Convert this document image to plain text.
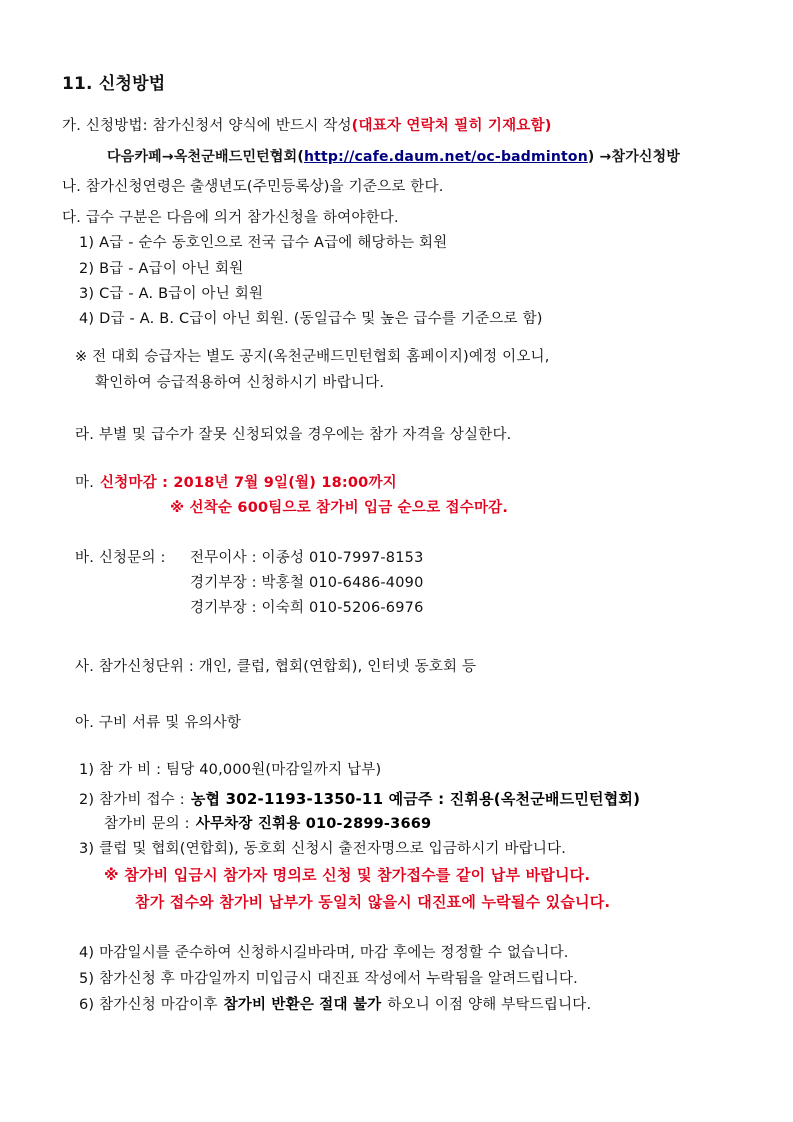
11. 신청방법
가. 신청방법: 참가신청서 양식에 반드시 작성(대표자 연락처 필히 기재요함)
다음카페→옥천군배드민턴협회(http://cafe.daum.net/oc-badminton) →참가신청방
나. 참가신청연령은 출생년도(주민등록상)을 기준으로 한다.
다. 급수 구분은 다음에 의거 참가신청을 하여야한다.
1) A급 - 순수 동호인으로 전국 급수 A급에 해당하는 회원
2) B급 - A급이 아닌 회원
3) C급 - A. B급이 아닌 회원
4) D급 - A. B. C급이 아닌 회원. (동일급수 및 높은 급수를 기준으로 함)
※ 전 대회 승급자는 별도 공지(옥천군배드민턴협회 홈페이지)예정 이오니,
확인하여 승급적용하여 신청하시기 바랍니다.
라. 부별 및 급수가 잘못 신청되었을 경우에는 참가 자격을 상실한다.
마. 신청마감 : 2018년 7월 9일(월) 18:00까지
※ 선착순 600팀으로 참가비 입금 순으로 접수마감.
바. 신청문의 : 전무이사 : 이종성 010-7997-8153
경기부장 : 박홍철 010-6486-4090
경기부장 : 이숙희 010-5206-6976
사. 참가신청단위 : 개인, 클럽, 협회(연합회), 인터넷 동호회 등
아. 구비 서류 및 유의사항
1) 참 가 비 : 팀당 40,000원(마감일까지 납부)
2) 참가비 접수 : 농협 302-1193-1350-11 예금주 : 진휘용(옥천군배드민턴협회)
참가비 문의 : 사무차장 진휘용 010-2899-3669
3) 클럽 및 협회(연합회), 동호회 신청시 출전자명으로 입금하시기 바랍니다.
※ 참가비 입금시 참가자 명의로 신청 및 참가접수를 같이 납부 바랍니다.
참가 접수와 참가비 납부가 동일치 않을시 대진표에 누락될수 있습니다.
4) 마감일시를 준수하여 신청하시길바라며, 마감 후에는 정정할 수 없습니다.
5) 참가신청 후 마감일까지 미입금시 대진표 작성에서 누락됨을 알려드립니다.
6) 참가신청 마감이후 참가비 반환은 절대 불가 하오니 이점 양해 부탁드립니다.
